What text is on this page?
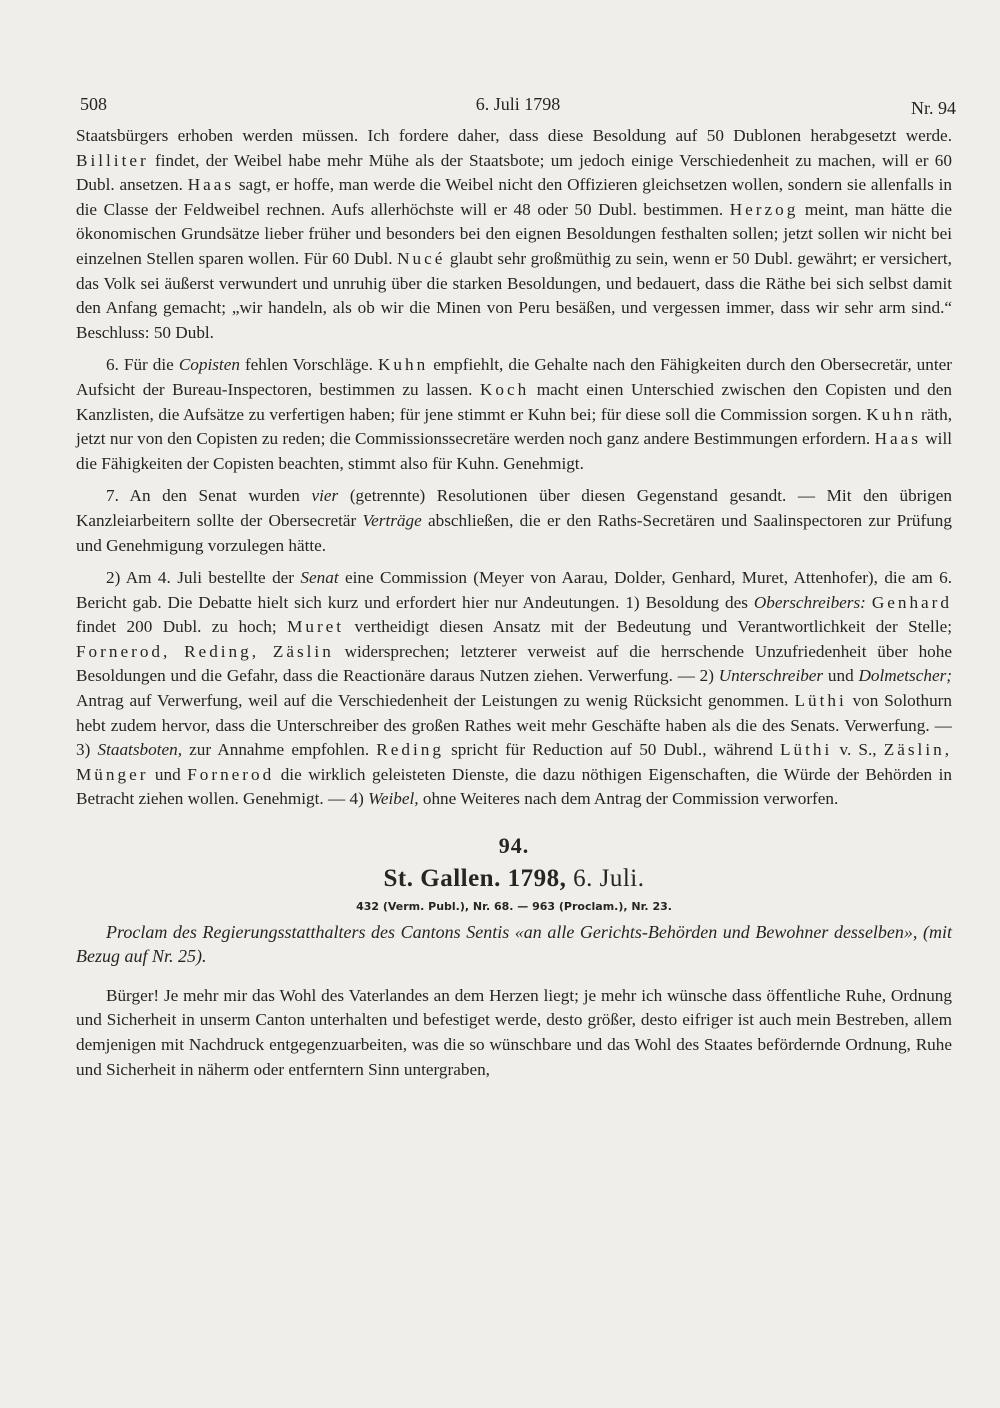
508	6. Juli 1798	Nr. 94

Staatsbürgers erhoben werden müssen. Ich fordere daher, dass diese Besoldung auf 50 Dublonen herabgesetzt werde. Billiter findet, der Weibel habe mehr Mühe als der Staatsbote; um jedoch einige Verschiedenheit zu machen, will er 60 Dubl. ansetzen. Haas sagt, er hoffe, man werde die Weibel nicht den Offizieren gleichsetzen wollen, sondern sie allenfalls in die Classe der Feldweibel rechnen. Aufs allerhöchste will er 48 oder 50 Dubl. bestimmen. Herzog meint, man hätte die ökonomischen Grundsätze lieber früher und besonders bei den eignen Besoldungen festhalten sollen; jetzt sollen wir nicht bei einzelnen Stellen sparen wollen. Für 60 Dubl. Nucé glaubt sehr großmüthig zu sein, wenn er 50 Dubl. gewährt; er versichert, das Volk sei äußerst verwundert und unruhig über die starken Besoldungen, und bedauert, dass die Räthe bei sich selbst damit den Anfang gemacht; „wir handeln, als ob wir die Minen von Peru besäßen, und vergessen immer, dass wir sehr arm sind.“ Beschluss: 50 Dubl.

6. Für die Copisten fehlen Vorschläge. Kuhn empfiehlt, die Gehalte nach den Fähigkeiten durch den Obersecretär, unter Aufsicht der Bureau-Inspectoren, bestimmen zu lassen. Koch macht einen Unterschied zwischen den Copisten und den Kanzlisten, die Aufsätze zu verfertigen haben; für jene stimmt er Kuhn bei; für diese soll die Commission sorgen. Kuhn räth, jetzt nur von den Copisten zu reden; die Commissionssecretäre werden noch ganz andere Bestimmungen erfordern. Haas will die Fähigkeiten der Copisten beachten, stimmt also für Kuhn. Genehmigt.

7. An den Senat wurden vier (getrennte) Resolutionen über diesen Gegenstand gesandt. — Mit den übrigen Kanzleiarbeitern sollte der Obersecretär Verträge abschließen, die er den Raths-Secretären und Saalinspectoren zur Prüfung und Genehmigung vorzulegen hätte.

2) Am 4. Juli bestellte der Senat eine Commission (Meyer von Aarau, Dolder, Genhard, Muret, Attenhofer), die am 6. Bericht gab. Die Debatte hielt sich kurz und erfordert hier nur Andeutungen. 1) Besoldung des Oberschreibers: Genhard findet 200 Dubl. zu hoch; Muret vertheidigt diesen Ansatz mit der Bedeutung und Verantwortlichkeit der Stelle; Fornerod, Reding, Zäslin widersprechen; letzterer verweist auf die herrschende Unzufriedenheit über hohe Besoldungen und die Gefahr, dass die Reactionäre daraus Nutzen ziehen. Verwerfung. — 2) Unterschreiber und Dolmetscher; Antrag auf Verwerfung, weil auf die Verschiedenheit der Leistungen zu wenig Rücksicht genommen. Lüthi von Solothurn hebt zudem hervor, dass die Unterschreiber des großen Rathes weit mehr Geschäfte haben als die des Senats. Verwerfung. — 3) Staatsboten, zur Annahme empfohlen. Reding spricht für Reduction auf 50 Dubl., während Lüthi v. S., Zäslin, Münger und Fornerod die wirklich geleisteten Dienste, die dazu nöthigen Eigenschaften, die Würde der Behörden in Betracht ziehen wollen. Genehmigt. — 4) Weibel, ohne Weiteres nach dem Antrag der Commission verworfen.

94.
St. Gallen. 1798, 6. Juli.
432 (Verm. Publ.), Nr. 68. — 963 (Proclam.), Nr. 23.

Proclam des Regierungsstatthalters des Cantons Sentis «an alle Gerichts-Behörden und Bewohner desselben», (mit Bezug auf Nr. 25).

Bürger! Je mehr mir das Wohl des Vaterlandes an dem Herzen liegt; je mehr ich wünsche dass öffentliche Ruhe, Ordnung und Sicherheit in unserm Canton unterhalten und befestiget werde, desto größer, desto eifriger ist auch mein Bestreben, allem demjenigen mit Nachdruck entgegenzuarbeiten, was die so wünschbare und das Wohl des Staates befördernde Ordnung, Ruhe und Sicherheit in näherm oder entferntern Sinn untergraben,
